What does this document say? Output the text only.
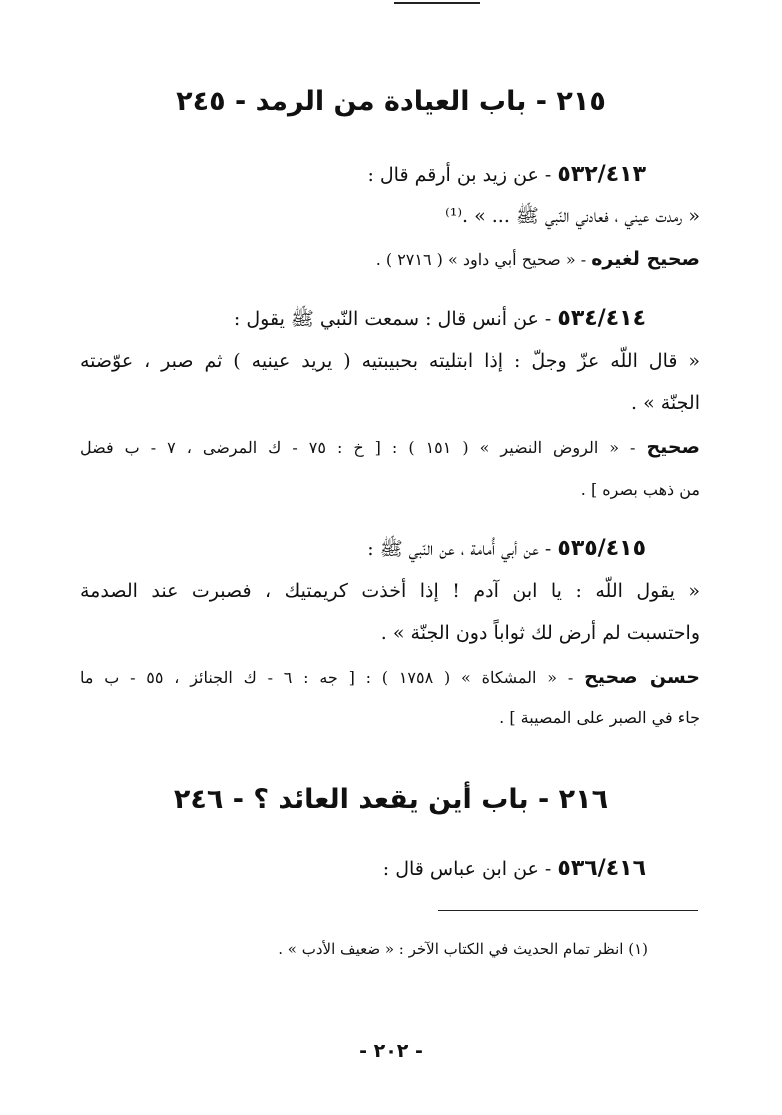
٢١٥ - باب العيادة من الرمد - ٢٤٥
٥٣٢/٤١٣ - عن زيد بن أرقم قال :
« رمدت عيني ، فعادني النّبي ﷺ ... » .⁽¹⁾
صحيح لغيره - « صحيح أبي داود » ( ٢٧١٦ ) .
٥٣٤/٤١٤ - عن أنس قال : سمعت النّبي ﷺ يقول :
« قال اللّه عزّ وجلّ : إذا ابتليته بحبيبتيه ( يريد عينيه ) ثم صبر ، عوّضته
الجنّة » .
صحيح - « الروض النضير » ( ١٥١ ) : [ خ : ٧٥ - ك المرضى ، ٧ - ب فضل
من ذهب بصره ] .
٥٣٥/٤١٥ - عن أبي أُمامة ، عن النّبي ﷺ :
« يقول اللّه : يا ابن آدم ! إذا أخذت كريمتيك ، فصبرت عند الصدمة
واحتسبت لم أرض لك ثواباً دون الجنّة » .
حسن صحيح - « المشكاة » ( ١٧٥٨ ) : [ جه : ٦ - ك الجنائز ، ٥٥ - ب ما
جاء في الصبر على المصيبة ] .
٢١٦ - باب أين يقعد العائد ؟ - ٢٤٦
٥٣٦/٤١٦ - عن ابن عباس قال :
(١) انظر تمام الحديث في الكتاب الآخر : « ضعيف الأدب » .
- ٢٠٢ -
